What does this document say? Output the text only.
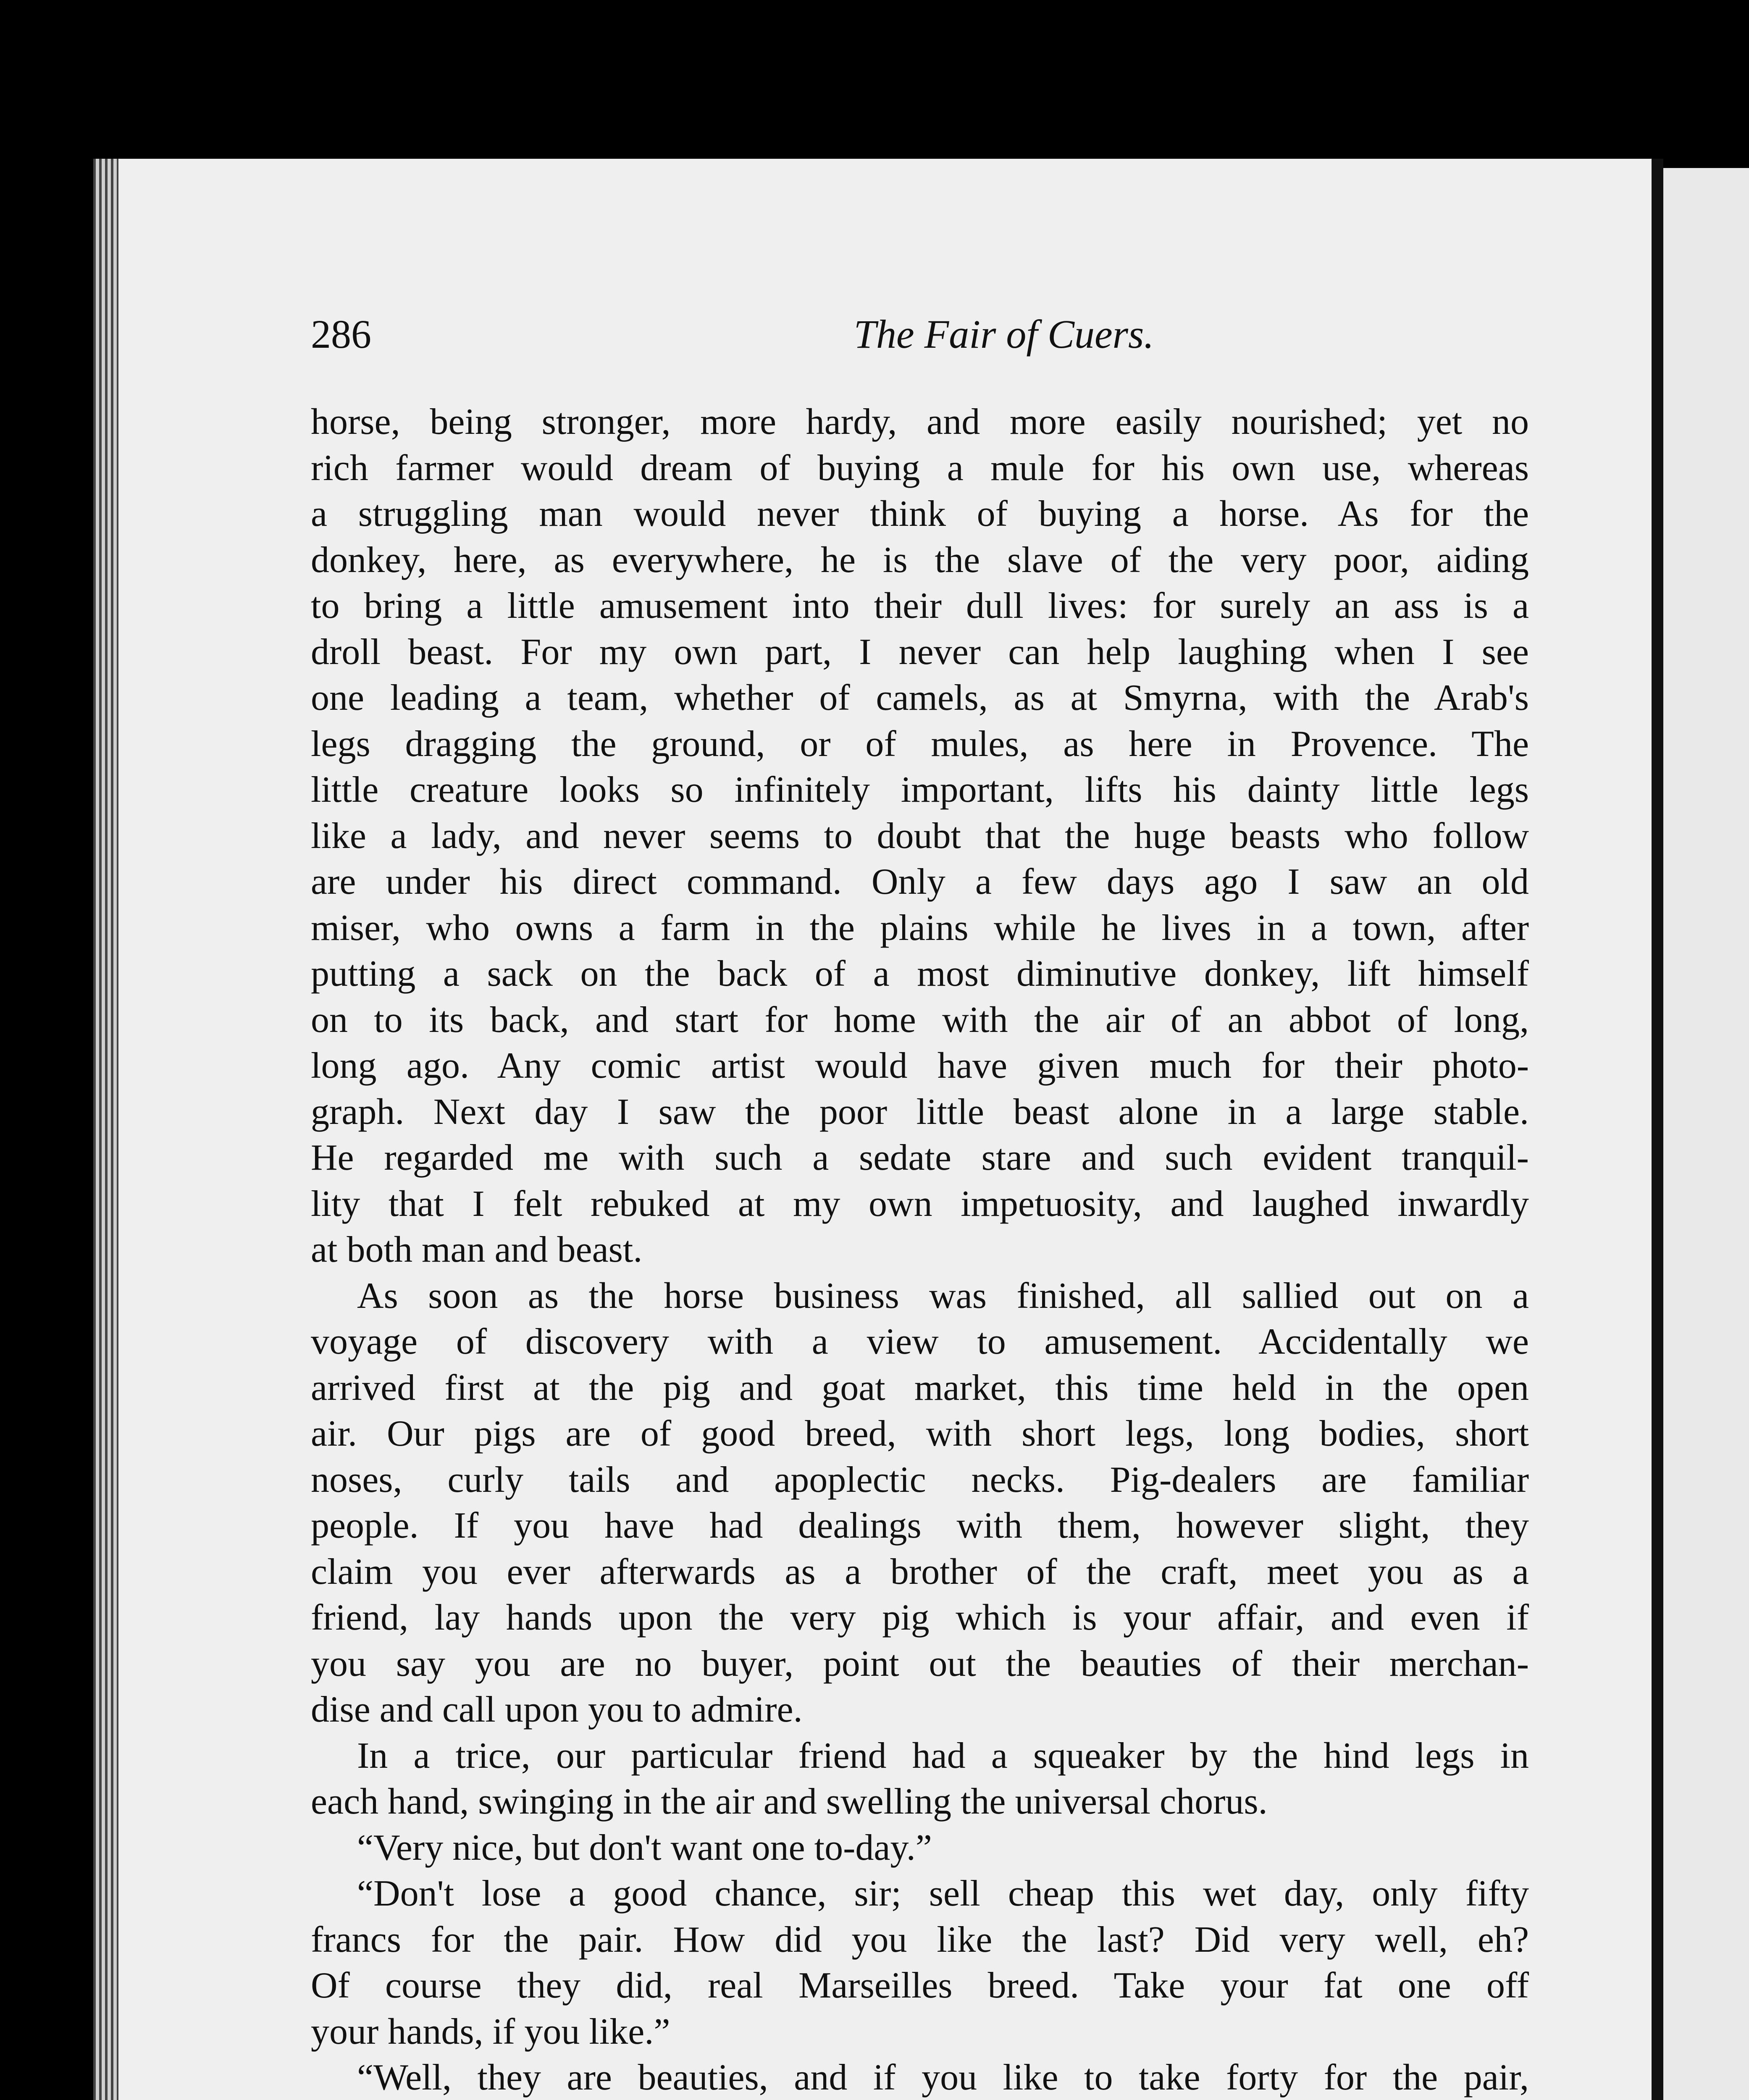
286	The Fair of Cuers.
horse, being stronger, more hardy, and more easily nourished; yet no
rich farmer would dream of buying a mule for his own use, whereas
a struggling man would never think of buying a horse. As for the
donkey, here, as everywhere, he is the slave of the very poor, aiding
to bring a little amusement into their dull lives: for surely an ass is a
droll beast. For my own part, I never can help laughing when I see
one leading a team, whether of camels, as at Smyrna, with the Arab's
legs dragging the ground, or of mules, as here in Provence. The
little creature looks so infinitely important, lifts his dainty little legs
like a lady, and never seems to doubt that the huge beasts who follow
are under his direct command. Only a few days ago I saw an old
miser, who owns a farm in the plains while he lives in a town, after
putting a sack on the back of a most diminutive donkey, lift himself
on to its back, and start for home with the air of an abbot of long,
long ago. Any comic artist would have given much for their photo-
graph. Next day I saw the poor little beast alone in a large stable.
He regarded me with such a sedate stare and such evident tranquil-
lity that I felt rebuked at my own impetuosity, and laughed inwardly
at both man and beast.
As soon as the horse business was finished, all sallied out on a
voyage of discovery with a view to amusement. Accidentally we
arrived first at the pig and goat market, this time held in the open
air. Our pigs are of good breed, with short legs, long bodies, short
noses, curly tails and apoplectic necks. Pig-dealers are familiar
people. If you have had dealings with them, however slight, they
claim you ever afterwards as a brother of the craft, meet you as a
friend, lay hands upon the very pig which is your affair, and even if
you say you are no buyer, point out the beauties of their merchan-
dise and call upon you to admire.
In a trice, our particular friend had a squeaker by the hind legs in
each hand, swinging in the air and swelling the universal chorus.
“Very nice, but don't want one to-day.”
“Don't lose a good chance, sir; sell cheap this wet day, only fifty
francs for the pair. How did you like the last? Did very well, eh?
Of course they did, real Marseilles breed. Take your fat one off
your hands, if you like.”
“Well, they are beauties, and if you like to take forty for the pair,
